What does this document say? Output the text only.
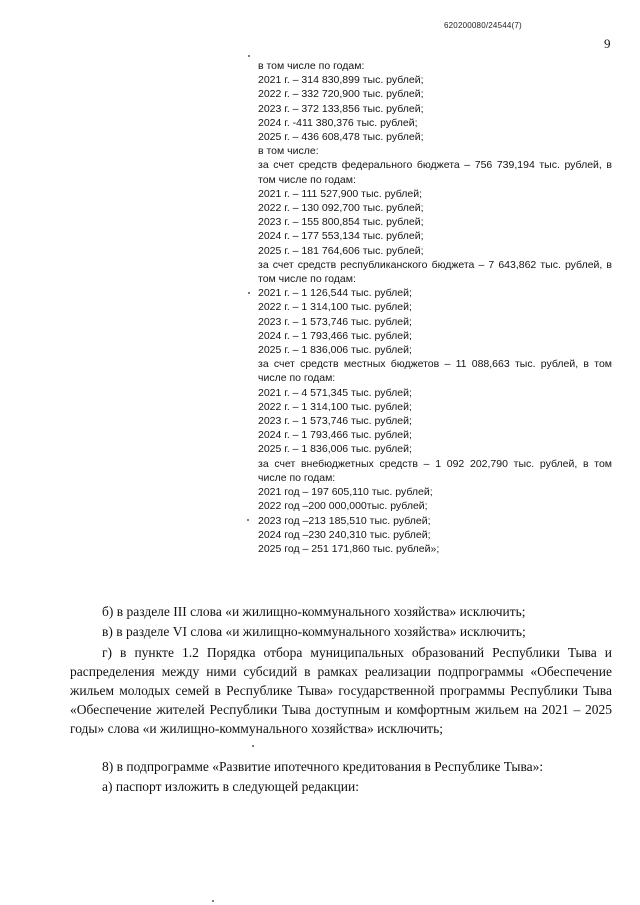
620200080/24544(7)
9
в том числе по годам:
2021 г. – 314 830,899 тыс. рублей;
2022 г. – 332 720,900 тыс. рублей;
2023 г. – 372 133,856 тыс. рублей;
2024 г. -411 380,376 тыс. рублей;
2025 г. – 436 608,478 тыс. рублей;
в том числе:
за счет средств федерального бюджета – 756 739,194 тыс. рублей, в том числе по годам:
2021 г. – 111 527,900 тыс. рублей;
2022 г. – 130 092,700 тыс. рублей;
2023 г. – 155 800,854 тыс. рублей;
2024 г. – 177 553,134 тыс. рублей;
2025 г. – 181 764,606 тыс. рублей;
за счет средств республиканского бюджета – 7 643,862 тыс. рублей, в том числе по годам:
2021 г. – 1 126,544 тыс. рублей;
2022 г. – 1 314,100 тыс. рублей;
2023 г. – 1 573,746 тыс. рублей;
2024 г. – 1 793,466 тыс. рублей;
2025 г. – 1 836,006 тыс. рублей;
за счет средств местных бюджетов – 11 088,663 тыс. рублей, в том числе по годам:
2021 г. – 4 571,345 тыс. рублей;
2022 г. – 1 314,100 тыс. рублей;
2023 г. – 1 573,746 тыс. рублей;
2024 г. – 1 793,466 тыс. рублей;
2025 г. – 1 836,006 тыс. рублей;
за счет внебюджетных средств – 1 092 202,790 тыс. рублей, в том числе по годам:
2021 год – 197 605,110 тыс. рублей;
2022 год –200 000,000тыс. рублей;
2023 год –213 185,510 тыс. рублей;
2024 год –230 240,310 тыс. рублей;
2025 год – 251 171,860 тыс. рублей»;

б) в разделе III слова «и жилищно-коммунального хозяйства» исключить;

в) в разделе VI слова «и жилищно-коммунального хозяйства» исключить;

г) в пункте 1.2 Порядка отбора муниципальных образований Республики Тыва и распределения между ними субсидий в рамках реализации подпрограммы «Обеспечение жильем молодых семей в Республике Тыва» государственной программы Республики Тыва «Обеспечение жителей Республики Тыва доступным и комфортным жильем на 2021 – 2025 годы» слова «и жилищно-коммунального хозяйства» исключить;

8) в подпрограмме «Развитие ипотечного кредитования в Республике Тыва»:

а) паспорт изложить в следующей редакции:
